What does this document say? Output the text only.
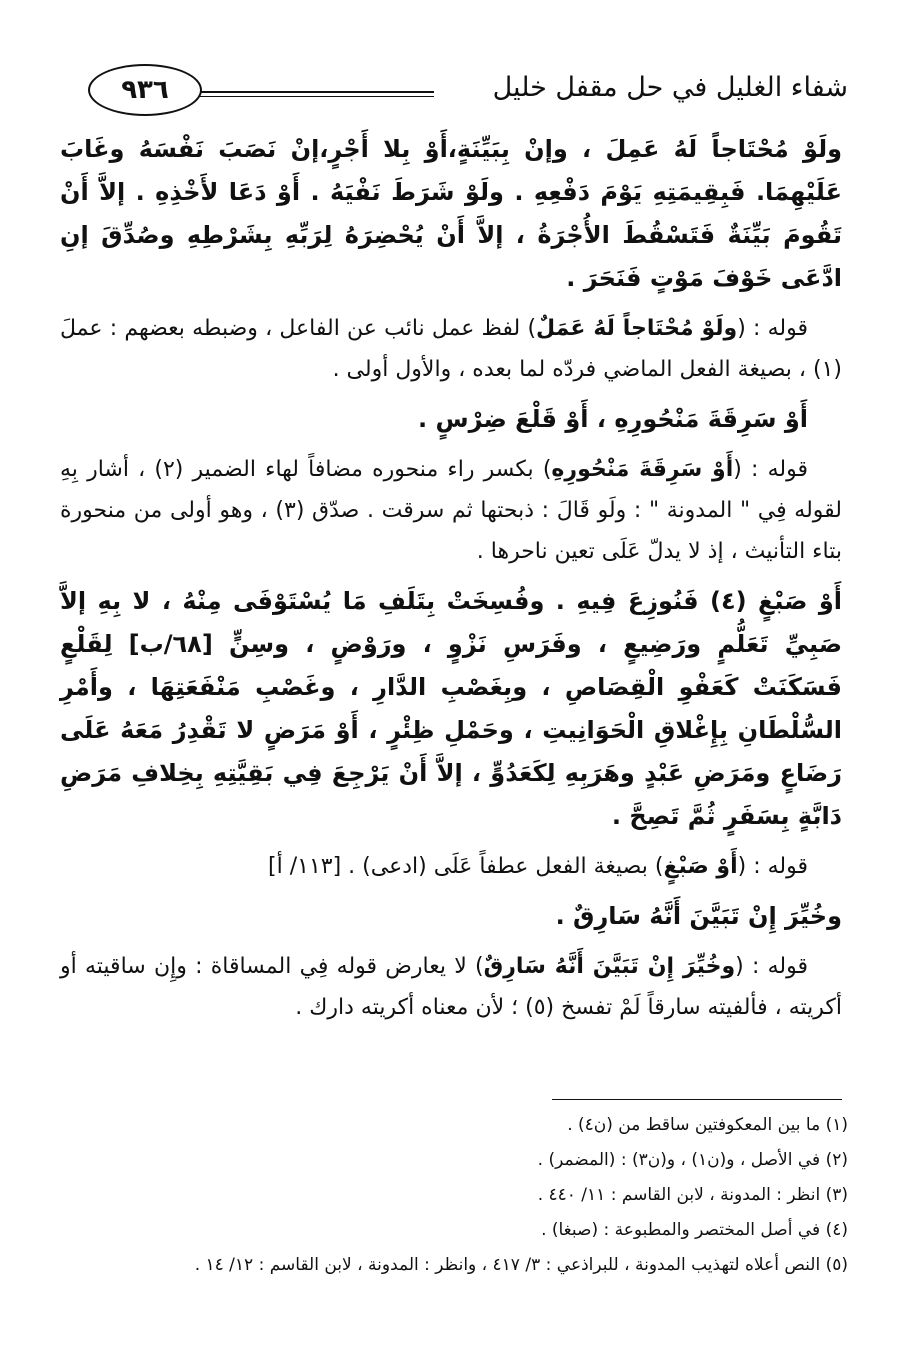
٩٣٦	شفاء الغليل في حل مقفل خليل

ولَوْ مُحْتَاجاً لَهُ عَمِلَ ، وإنْ بِبَيِّنَةٍ،أَوْ بِلا أَجْرٍ،إنْ نَصَبَ نَفْسَهُ وغَابَ عَلَيْهِمَا. فَبِقِيمَتِهِ يَوْمَ دَفْعِهِ . ولَوْ شَرَطَ نَفْيَهُ . أَوْ دَعَا لأَخْذِهِ . إلاَّ أَنْ تَقُومَ بَيِّنَةٌ فَتَسْقُطَ الأُجْرَةُ ، إلاَّ أَنْ يُحْضِرَهُ لِرَبِّهِ بِشَرْطِهِ وصُدِّقَ إنِ ادَّعَى خَوْفَ مَوْتٍ فَنَحَرَ .

قوله : (ولَوْ مُحْتَاجاً لَهُ عَمَلٌ) لفظ عمل نائب عن الفاعل ، وضبطه بعضهم : عملَ (١) ، بصيغة الفعل الماضي فردّه لما بعده ، والأول أولى .

أَوْ سَرِقَةَ مَنْحُورِهِ ، أَوْ قَلْعَ ضِرْسٍ .

قوله : (أَوْ سَرِقَةَ مَنْحُورِهِ) بكسر راء منحوره مضافاً لهاء الضمير (٢) ، أشار بِهِ لقوله فِي " المدونة " : ولَو قَالَ : ذبحتها ثم سرقت . صدّق (٣) ، وهو أولى من منحورة بتاء التأنيث ، إذ لا يدلّ عَلَى تعين ناحرها .

أَوْ صَبْغٍ (٤) فَنُوزِعَ فِيهِ . وفُسِخَتْ بِتَلَفِ مَا يُسْتَوْفَى مِنْهُ ، لا بِهِ إلاَّ صَبِيِّ تَعَلُّمٍ ورَضِيعٍ ، وفَرَسِ نَزْوٍ ، ورَوْضٍ ، وسِنٍّ [٦٨/ب] لِقَلْعٍ فَسَكَنَتْ كَعَفْوِ الْقِصَاصِ ، وبِغَصْبِ الدَّارِ ، وغَصْبِ مَنْفَعَتِهَا ، وأَمْرِ السُّلْطَانِ بِإِغْلاقِ الْحَوَانِيتِ ، وحَمْلِ ظِئْرٍ ، أَوْ مَرَضٍ لا تَقْدِرُ مَعَهُ عَلَى رَضَاعٍ ومَرَضِ عَبْدٍ وهَرَبِهِ لِكَعَدُوٍّ ، إلاَّ أَنْ يَرْجِعَ فِي بَقِيَّتِهِ بِخِلافِ مَرَضِ دَابَّةٍ بِسَفَرٍ ثُمَّ تَصِحَّ .

قوله : (أَوْ صَبْغٍ) بصيغة الفعل عطفاً عَلَى (ادعى) . [١١٣/ أ]

وخُيِّرَ إِنْ تَبَيَّنَ أَنَّهُ سَارِقٌ .

قوله : (وخُيِّرَ إِنْ تَبَيَّنَ أَنَّهُ سَارِقٌ) لا يعارض قوله فِي المساقاة : وإِن ساقيته أو أكريته ، فألفيته سارقاً لَمْ تفسخ (٥) ؛ لأن معناه أكريته دارك .

(١) ما بين المعكوفتين ساقط من (ن٤) .
(٢) في الأصل ، و(ن١) ، و(ن٣) : (المضمر) .
(٣) انظر : المدونة ، لابن القاسم : ١١/ ٤٤٠ .
(٤) في أصل المختصر والمطبوعة : (صبغا) .
(٥) النص أعلاه لتهذيب المدونة ، للبراذعي : ٣/ ٤١٧ ، وانظر : المدونة ، لابن القاسم : ١٢/ ١٤ .
